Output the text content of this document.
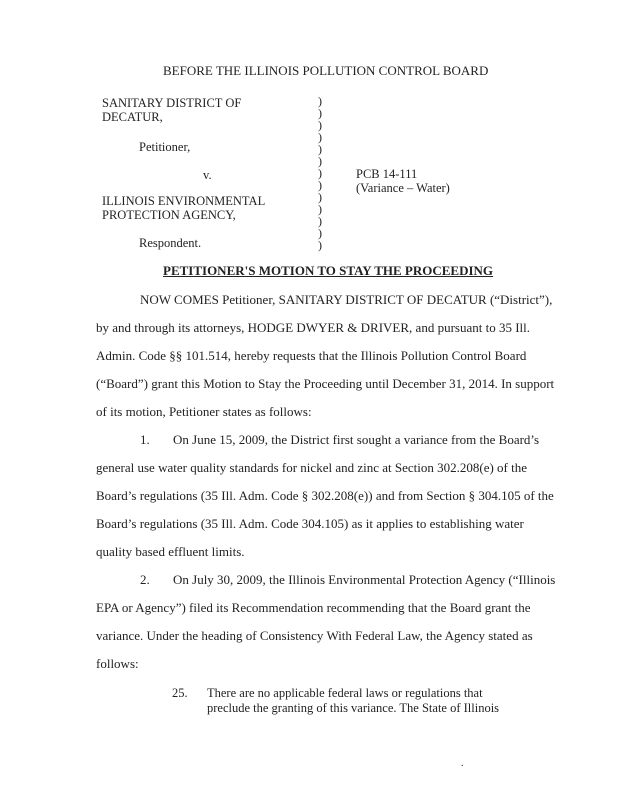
BEFORE THE ILLINOIS POLLUTION CONTROL BOARD
SANITARY DISTRICT OF
DECATUR,
Petitioner,
v.
ILLINOIS ENVIRONMENTAL
PROTECTION AGENCY,
Respondent.
)
)
)
)
)
)
)
)
)
)
)
)
)
PCB 14-111
(Variance – Water)
PETITIONER'S MOTION TO STAY THE PROCEEDING
NOW COMES Petitioner, SANITARY DISTRICT OF DECATUR (“District”),
by and through its attorneys, HODGE DWYER & DRIVER, and pursuant to 35 Ill.
Admin. Code §§ 101.514, hereby requests that the Illinois Pollution Control Board
(“Board”) grant this Motion to Stay the Proceeding until December 31, 2014. In support
of its motion, Petitioner states as follows:
1. On June 15, 2009, the District first sought a variance from the Board’s
general use water quality standards for nickel and zinc at Section 302.208(e) of the
Board’s regulations (35 Ill. Adm. Code § 302.208(e)) and from Section § 304.105 of the
Board’s regulations (35 Ill. Adm. Code 304.105) as it applies to establishing water
quality based effluent limits.
2. On July 30, 2009, the Illinois Environmental Protection Agency (“Illinois
EPA or Agency”) filed its Recommendation recommending that the Board grant the
variance. Under the heading of Consistency With Federal Law, the Agency stated as
follows:
25. There are no applicable federal laws or regulations that
preclude the granting of this variance. The State of Illinois
.
